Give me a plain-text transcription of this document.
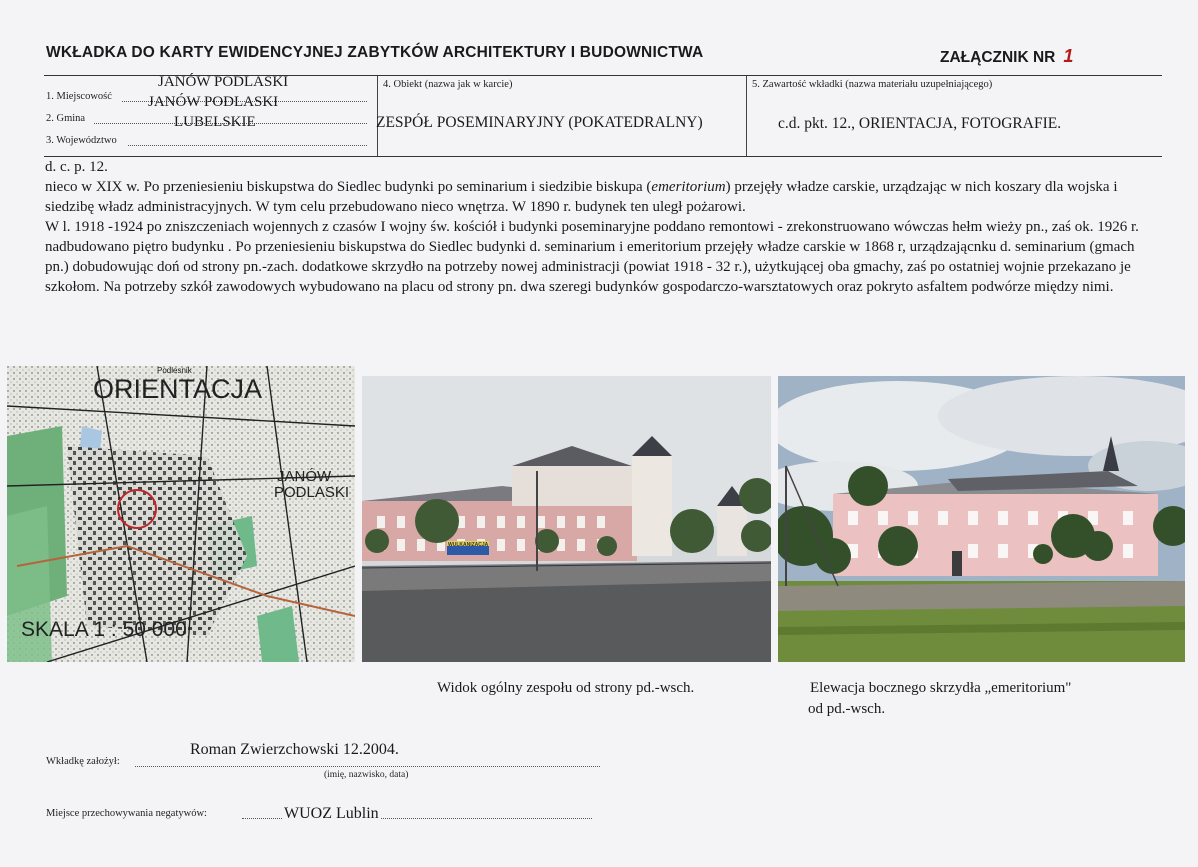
WKŁADKA DO KARTY EWIDENCYJNEJ ZABYTKÓW ARCHITEKTURY I BUDOWNICTWA	ZAŁĄCZNIK NR 1
1. Miejscowość
JANÓW PODLASKI
2. Gmina
JANÓW PODLASKI
3. Województwo
LUBELSKIE
4. Obiekt (nazwa jak w karcie)
ZESPÓŁ POSEMINARYJNY (POKATEDRALNY)
5. Zawartość wkładki (nazwa materiału uzupełniającego)
c.d. pkt. 12., ORIENTACJA, FOTOGRAFIE.

d. c. p. 12.

nieco w XIX w. Po przeniesieniu biskupstwa do Siedlec budynki po seminarium i siedzibie biskupa (emeritorium) przejęły władze carskie, urządzając w nich koszary dla wojska i siedzibę władz administracyjnych. W tym celu przebudowano nieco wnętrza. W 1890 r. budynek ten uległ pożarowi.

W l. 1918 -1924 po zniszczeniach wojennych z czasów I wojny św. kościół i budynki poseminaryjne poddano remontowi - zrekonstruowano wówczas hełm wieży pn., zaś ok. 1926 r. nadbudowano piętro budynku . Po przeniesieniu biskupstwa do Siedlec budynki d. seminarium i emeritorium przejęły władze carskie w 1868 r, urządzającnku d. seminarium (gmach pn.) dobudowując doń od strony pn.-zach. dodatkowe skrzydło na potrzeby nowej administracji (powiat 1918 - 32 r.), użytkującej oba gmachy, zaś po ostatniej wojnie przekazano je szkołom. Na potrzeby szkół zawodowych wybudowano na placu od strony pn. dwa szeregi budynków gospodarczo-warsztatowych oraz pokryto asfaltem podwórze między nimi.

ORIENTACJA
Podlesnik
JANÓW
PODLASKI
SKALA 1 : 50 000
WULKANIZACJA
Widok ogólny zespołu od strony pd.-wsch.	Elewacja bocznego skrzydła „emeritorium"
od pd.-wsch.
Wkładkę założył:
Roman Zwierzchowski 12.2004.
(imię, nazwisko, data)
Miejsce przechowywania negatywów:	WUOZ Lublin
